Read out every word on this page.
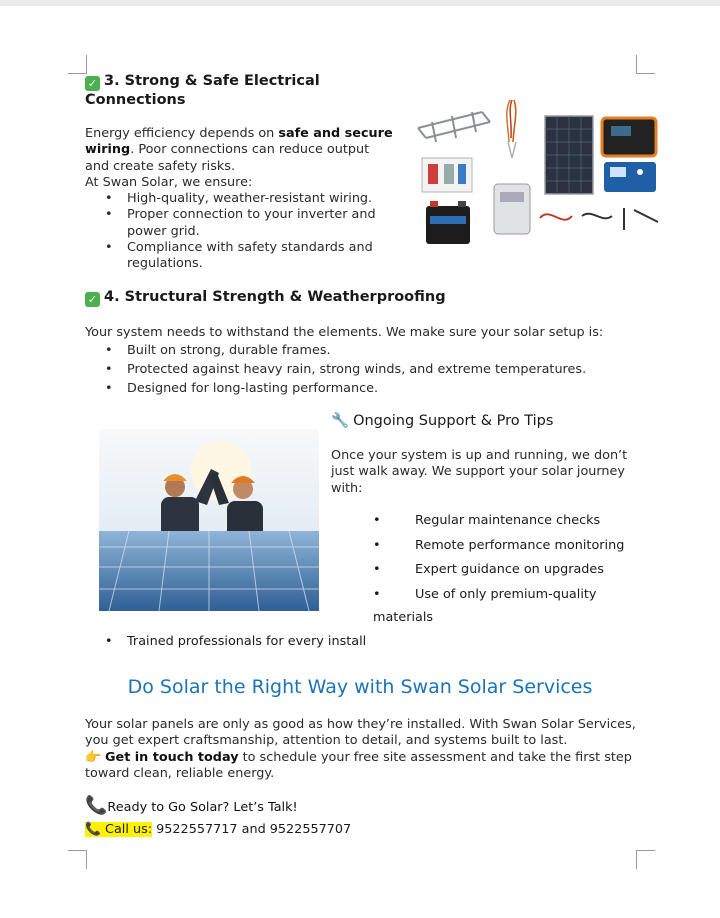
✓ 3. Strong & Safe Electrical
Connections
Energy efficiency depends on safe and secure
wiring. Poor connections can reduce output
and create safety risks.
At Swan Solar, we ensure:
• High-quality, weather-resistant wiring.
• Proper connection to your inverter and
power grid.
• Compliance with safety standards and
regulations.
✓ 4. Structural Strength & Weatherproofing
Your system needs to withstand the elements. We make sure your solar setup is:
• Built on strong, durable frames.
• Protected against heavy rain, strong winds, and extreme temperatures.
• Designed for long-lasting performance.
🔧 Ongoing Support & Pro Tips
Once your system is up and running, we don’t
just walk away. We support your solar journey
with:
• Regular maintenance checks
• Remote performance monitoring
• Expert guidance on upgrades
• Use of only premium-quality
materials
• Trained professionals for every install
Do Solar the Right Way with Swan Solar Services
Your solar panels are only as good as how they’re installed. With Swan Solar Services,
you get expert craftsmanship, attention to detail, and systems built to last.
👉 Get in touch today to schedule your free site assessment and take the first step
toward clean, reliable energy.
📞Ready to Go Solar? Let’s Talk!
📞 Call us: 9522557717 and 9522557707
